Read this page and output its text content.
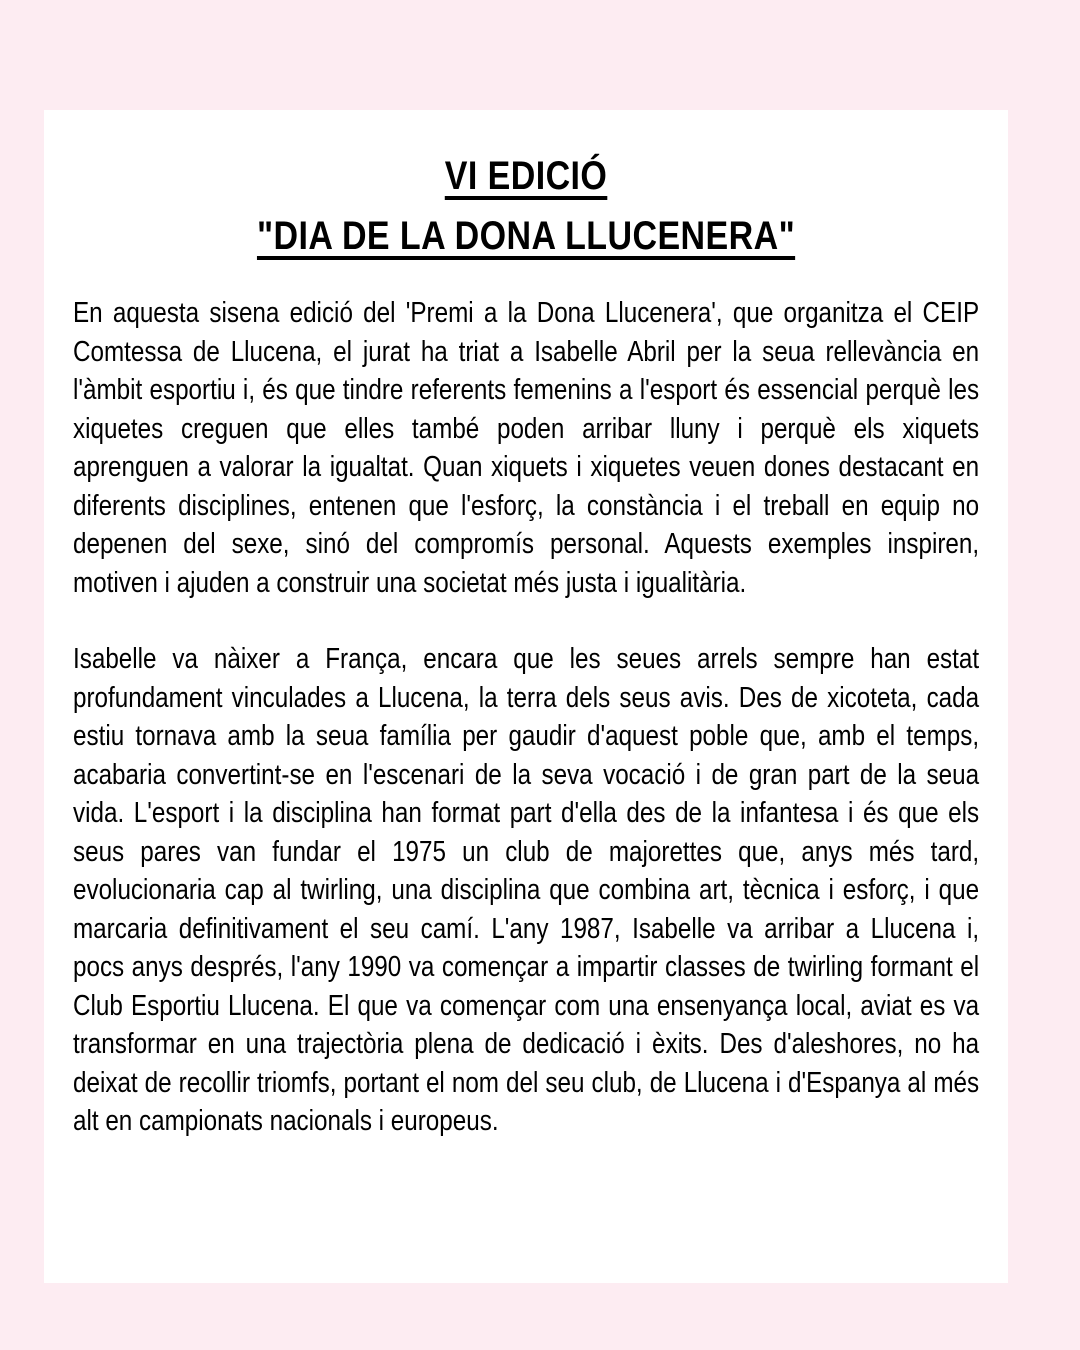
VI EDICIÓ
"DIA DE LA DONA LLUCENERA"

En aquesta sisena edició del 'Premi a la Dona Llucenera', que organitza el CEIP Comtessa de Llucena, el jurat ha triat a Isabelle Abril per la seua rellevància en l'àmbit esportiu i, és que tindre referents femenins a l'esport és essencial perquè les xiquetes creguen que elles també poden arribar lluny i perquè els xiquets aprenguen a valorar la igualtat. Quan xiquets i xiquetes veuen dones destacant en diferents disciplines, entenen que l'esforç, la constància i el treball en equip no depenen del sexe, sinó del compromís personal. Aquests exemples inspiren, motiven i ajuden a construir una societat més justa i igualitària.

Isabelle va nàixer a França, encara que les seues arrels sempre han estat profundament vinculades a Llucena, la terra dels seus avis. Des de xicoteta, cada estiu tornava amb la seua família per gaudir d'aquest poble que, amb el temps, acabaria convertint-se en l'escenari de la seva vocació i de gran part de la seua vida. L'esport i la disciplina han format part d'ella des de la infantesa i és que els seus pares van fundar el 1975 un club de majorettes que, anys més tard, evolucionaria cap al twirling, una disciplina que combina art, tècnica i esforç, i que marcaria definitivament el seu camí. L'any 1987, Isabelle va arribar a Llucena i, pocs anys després, l'any 1990 va començar a impartir classes de twirling formant el Club Esportiu Llucena. El que va començar com una ensenyança local, aviat es va transformar en una trajectòria plena de dedicació i èxits. Des d'aleshores, no ha deixat de recollir triomfs, portant el nom del seu club, de Llucena i d'Espanya al més alt en campionats nacionals i europeus.
